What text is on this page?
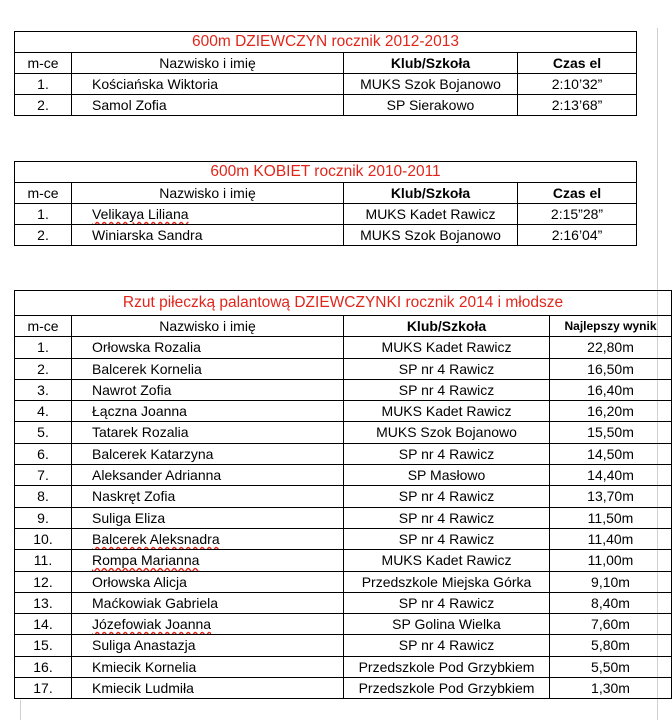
600m DZIEWCZYN rocznik 2012-2013			
m-ce	Nazwisko i imię	Klub/Szkoła	Czas el
1.	Kościańska Wiktoria	MUKS Szok Bojanowo	2:10’32”
2.	Samol Zofia	SP Sierakowo	2:13’68”
600m KOBIET rocznik 2010-2011			
m-ce	Nazwisko i imię	Klub/Szkoła	Czas el
1.	Velikaya Liliana	MUKS Kadet Rawicz	2:15”28”
2.	Winiarska Sandra	MUKS Szok Bojanowo	2:16’04”
Rzut piłeczką palantową DZIEWCZYNKI rocznik 2014 i młodsze			
m-ce	Nazwisko i imię	Klub/Szkoła	Najlepszy wynik
1.	Orłowska Rozalia	MUKS Kadet Rawicz	22,80m
2.	Balcerek Kornelia	SP nr 4 Rawicz	16,50m
3.	Nawrot Zofia	SP nr 4 Rawicz	16,40m
4.	Łączna Joanna	MUKS Kadet Rawicz	16,20m
5.	Tatarek Rozalia	MUKS Szok Bojanowo	15,50m
6.	Balcerek Katarzyna	SP nr 4 Rawicz	14,50m
7.	Aleksander Adrianna	SP Masłowo	14,40m
8.	Naskręt Zofia	SP nr 4 Rawicz	13,70m
9.	Suliga Eliza	SP nr 4 Rawicz	11,50m
10.	Balcerek Aleksnadra	SP nr 4 Rawicz	11,40m
11.	Rompa Marianna	MUKS Kadet Rawicz	11,00m
12.	Orłowska Alicja	Przedszkole Miejska Górka	9,10m
13.	Maćkowiak Gabriela	SP nr 4 Rawicz	8,40m
14.	Józefowiak Joanna	SP Golina Wielka	7,60m
15.	Suliga Anastazja	SP nr 4 Rawicz	5,80m
16.	Kmiecik Kornelia	Przedszkole Pod Grzybkiem	5,50m
17.	Kmiecik Ludmiła	Przedszkole Pod Grzybkiem	1,30m
